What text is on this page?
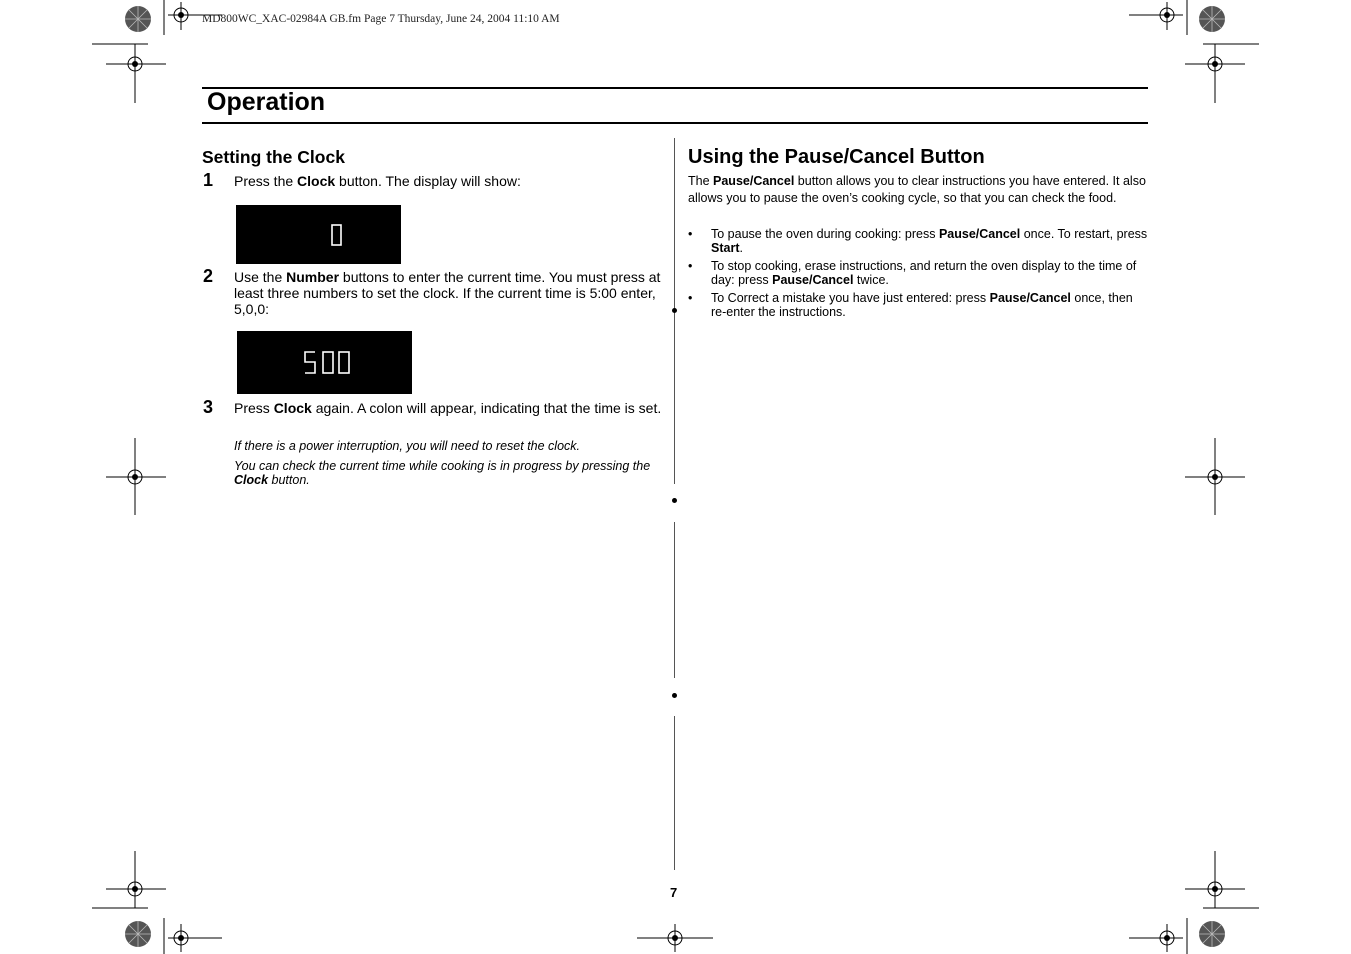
MD800WC_XAC-02984A GB.fm Page 7 Thursday, June 24, 2004 11:10 AM
Operation
Setting the Clock
1 Press the Clock button. The display will show:
2 Use the Number buttons to enter the current time. You must press at least three numbers to set the clock. If the current time is 5:00 enter, 5,0,0:
500
3 Press Clock again. A colon will appear, indicating that the time is set.
If there is a power interruption, you will need to reset the clock.
You can check the current time while cooking is in progress by pressing the Clock button.
Using the Pause/Cancel Button
The Pause/Cancel button allows you to clear instructions you have entered. It also allows you to pause the oven’s cooking cycle, so that you can check the food.
• To pause the oven during cooking: press Pause/Cancel once. To restart, press Start.
• To stop cooking, erase instructions, and return the oven display to the time of day: press Pause/Cancel twice.
• To Correct a mistake you have just entered: press Pause/Cancel once, then re-enter the instructions.
7
